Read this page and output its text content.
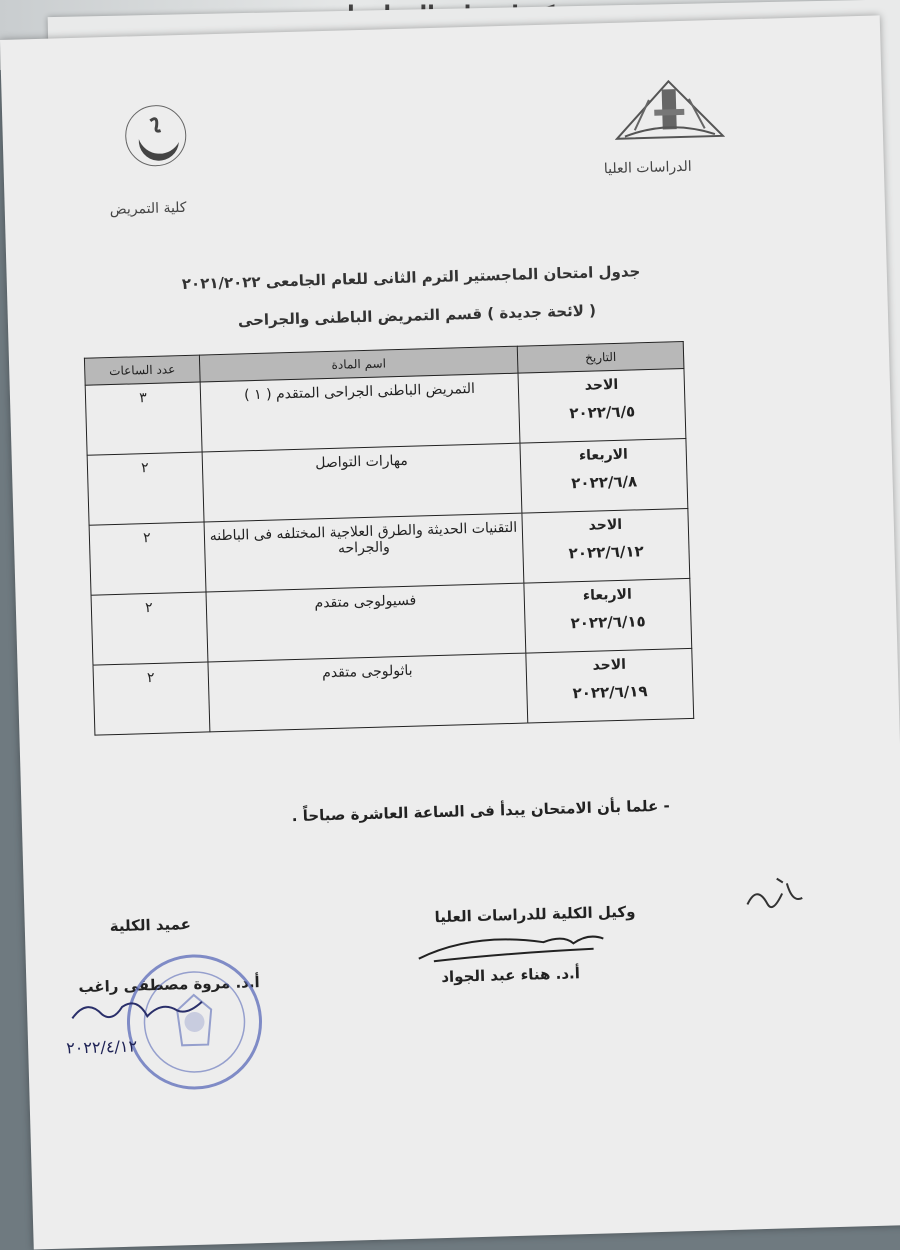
الدراسات العليا
كلية التمريض
جدول امتحان الماجستير الترم الثانى للعام الجامعى ٢٠٢١/٢٠٢٢
( لائحة جديدة ) قسم التمريض الباطنى والجراحى
التاريخ	اسم المادة	عدد الساعات

الاحد
٢٠٢٢/٦/٥	التمريض الباطنى الجراحى المتقدم ( ١ )	٣

الاربعاء
٢٠٢٢/٦/٨	مهارات التواصل	٢

الاحد
٢٠٢٢/٦/١٢	التقنيات الحديثة والطرق العلاجية المختلفه فى الباطنه والجراحه	٢

الاربعاء
٢٠٢٢/٦/١٥	فسيولوجى متقدم	٢

الاحد
٢٠٢٢/٦/١٩	باثولوجى متقدم	٢
- علما بأن الامتحان يبدأ فى الساعة العاشرة صباحاً .
وكيل الكلية للدراسات العليا
أ.د. هناء عبد الجواد
عميد الكلية
أ.د. مروة مصطفى راغب
٢٠٢٢/٤/١٢
